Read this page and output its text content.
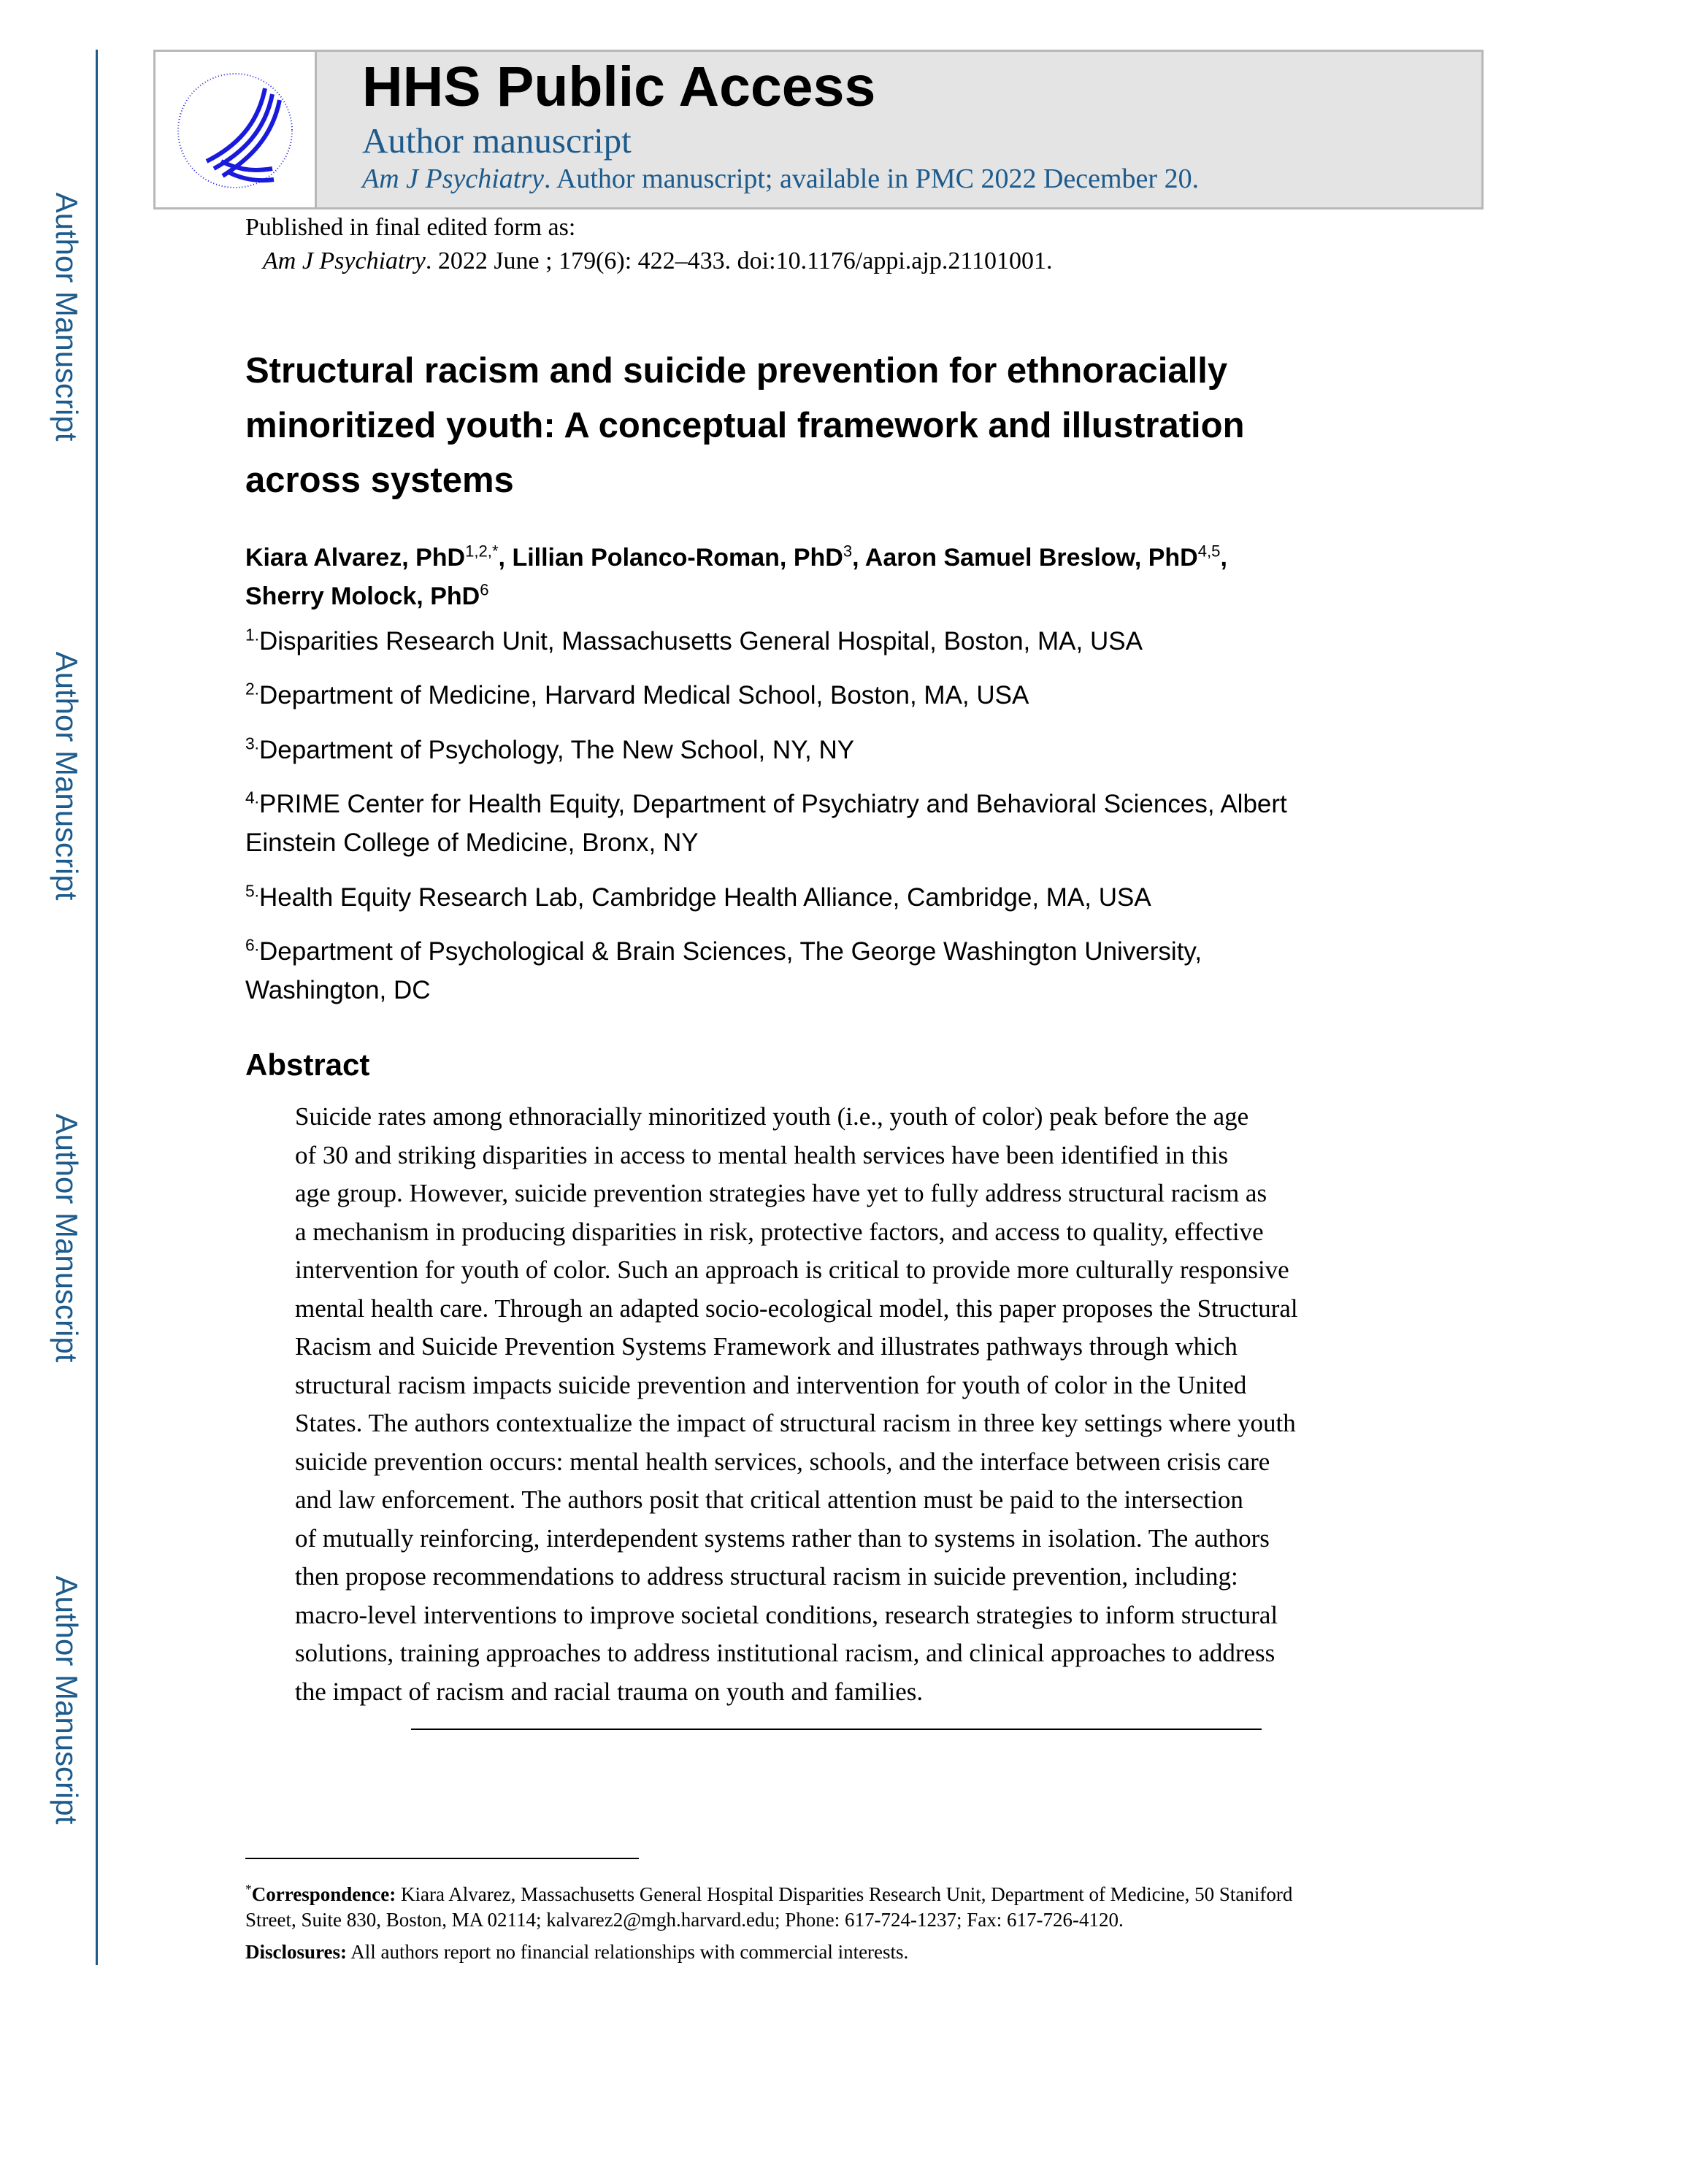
Author Manuscript
Author Manuscript
Author Manuscript
Author Manuscript
HHS Public Access
Author manuscript
Am J Psychiatry. Author manuscript; available in PMC 2022 December 20.
Published in final edited form as:
Am J Psychiatry. 2022 June ; 179(6): 422–433. doi:10.1176/appi.ajp.21101001.
Structural racism and suicide prevention for ethnoracially
minoritized youth: A conceptual framework and illustration
across systems
Kiara Alvarez, PhD$^{1,2,*}$, Lillian Polanco-Roman, PhD$^3$, Aaron Samuel Breslow, PhD$^{4,5}$,
Sherry Molock, PhD$^6$
$^{1.}$Disparities Research Unit, Massachusetts General Hospital, Boston, MA, USA
$^{2.}$Department of Medicine, Harvard Medical School, Boston, MA, USA
$^{3.}$Department of Psychology, The New School, NY, NY
$^{4.}$PRIME Center for Health Equity, Department of Psychiatry and Behavioral Sciences, Albert
Einstein College of Medicine, Bronx, NY
$^{5.}$Health Equity Research Lab, Cambridge Health Alliance, Cambridge, MA, USA
$^{6.}$Department of Psychological & Brain Sciences, The George Washington University,
Washington, DC
Abstract
Suicide rates among ethnoracially minoritized youth (i.e., youth of color) peak before the age
of 30 and striking disparities in access to mental health services have been identified in this
age group. However, suicide prevention strategies have yet to fully address structural racism as
a mechanism in producing disparities in risk, protective factors, and access to quality, effective
intervention for youth of color. Such an approach is critical to provide more culturally responsive
mental health care. Through an adapted socio-ecological model, this paper proposes the Structural
Racism and Suicide Prevention Systems Framework and illustrates pathways through which
structural racism impacts suicide prevention and intervention for youth of color in the United
States. The authors contextualize the impact of structural racism in three key settings where youth
suicide prevention occurs: mental health services, schools, and the interface between crisis care
and law enforcement. The authors posit that critical attention must be paid to the intersection
of mutually reinforcing, interdependent systems rather than to systems in isolation. The authors
then propose recommendations to address structural racism in suicide prevention, including:
macro-level interventions to improve societal conditions, research strategies to inform structural
solutions, training approaches to address institutional racism, and clinical approaches to address
the impact of racism and racial trauma on youth and families.
*Correspondence: Kiara Alvarez, Massachusetts General Hospital Disparities Research Unit, Department of Medicine, 50 Staniford
Street, Suite 830, Boston, MA 02114; kalvarez2@mgh.harvard.edu; Phone: 617-724-1237; Fax: 617-726-4120.
Disclosures: All authors report no financial relationships with commercial interests.
